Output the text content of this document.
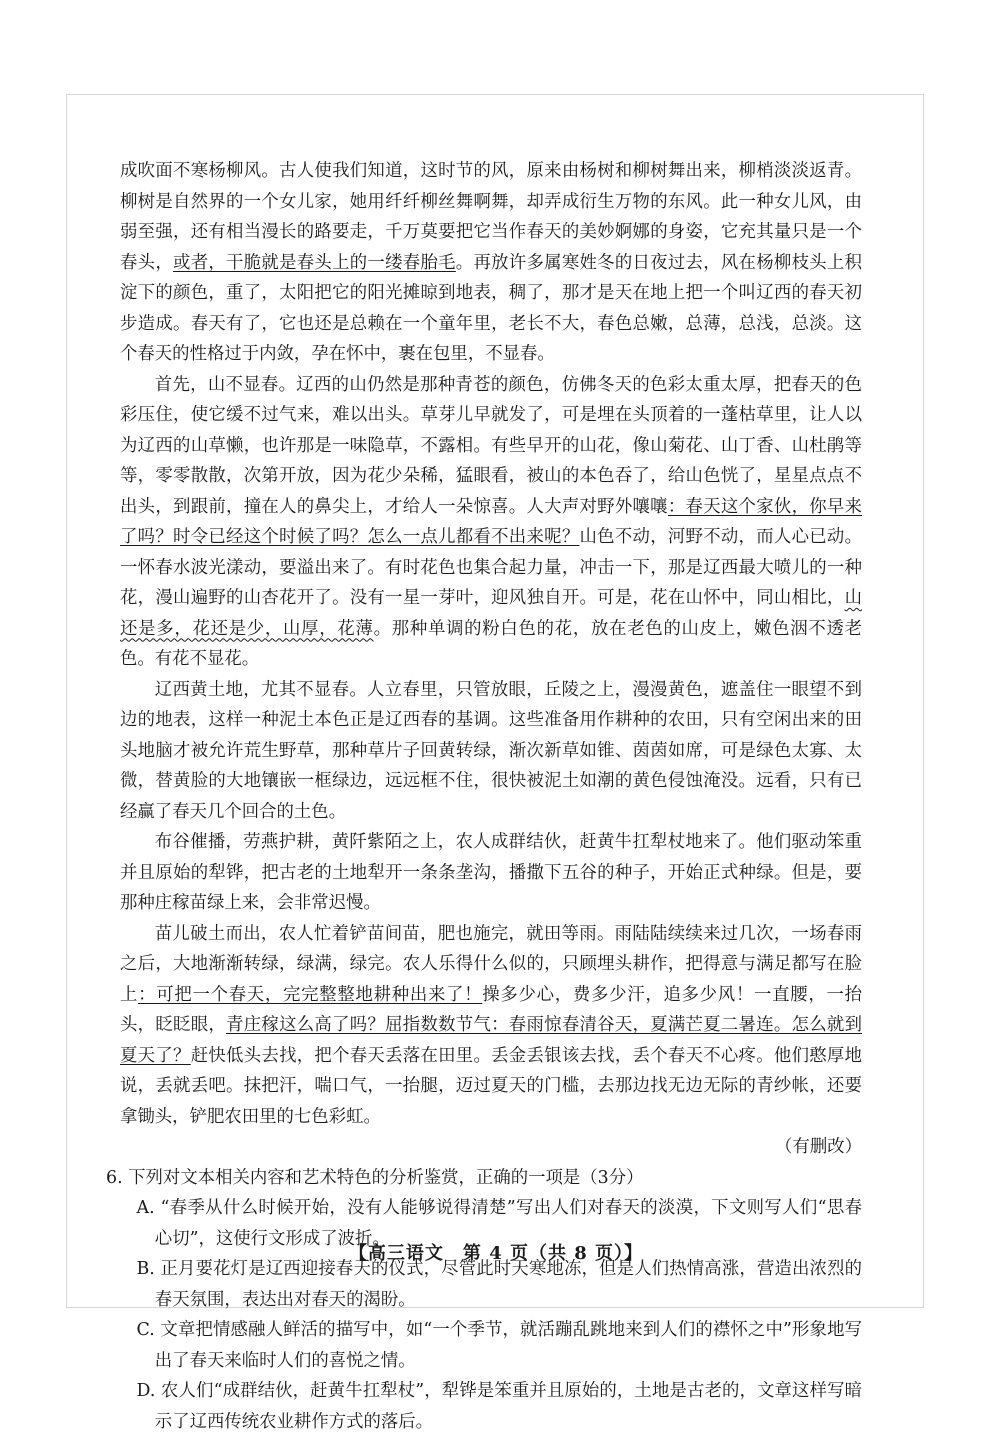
成吹面不寒杨柳风。古人使我们知道，这时节的风，原来由杨树和柳树舞出来，柳梢淡淡返青。柳树是自然界的一个女儿家，她用纤纤柳丝舞啊舞，却弄成衍生万物的东风。此一种女儿风，由弱至强，还有相当漫长的路要走，千万莫要把它当作春天的美妙婀娜的身姿，它充其量只是一个春头，或者，干脆就是春头上的一缕春胎毛。再放许多属寒姓冬的日夜过去，风在杨柳枝头上积淀下的颜色，重了，太阳把它的阳光摊晾到地表，稠了，那才是天在地上把一个叫辽西的春天初步造成。春天有了，它也还是总赖在一个童年里，老长不大，春色总嫩，总薄，总浅，总淡。这个春天的性格过于内敛，孕在怀中，裹在包里，不显春。

首先，山不显春。辽西的山仍然是那种青苍的颜色，仿佛冬天的色彩太重太厚，把春天的色彩压住，使它缓不过气来，难以出头。草芽儿早就发了，可是埋在头顶着的一蓬枯草里，让人以为辽西的山草懒，也许那是一味隐草，不露相。有些早开的山花，像山菊花、山丁香、山杜鹃等等，零零散散，次第开放，因为花少朵稀，猛眼看，被山的本色吞了，给山色恍了，星星点点不出头，到跟前，撞在人的鼻尖上，才给人一朵惊喜。人大声对野外嚷嚷：春天这个家伙，你早来了吗？时令已经这个时候了吗？怎么一点儿都看不出来呢？山色不动，河野不动，而人心已动。一怀春水波光漾动，要溢出来了。有时花色也集合起力量，冲击一下，那是辽西最大喷儿的一种花，漫山遍野的山杏花开了。没有一星一芽叶，迎风独自开。可是，花在山怀中，同山相比，山还是多，花还是少，山厚，花薄。那种单调的粉白色的花，放在老色的山皮上，嫩色洇不透老色。有花不显花。

辽西黄土地，尤其不显春。人立春里，只管放眼，丘陵之上，漫漫黄色，遮盖住一眼望不到边的地表，这样一种泥土本色正是辽西春的基调。这些准备用作耕种的农田，只有空闲出来的田头地脑才被允许荒生野草，那种草片子回黄转绿，渐次新草如锥、茵茵如席，可是绿色太寡、太微，替黄脸的大地镶嵌一框绿边，远远框不住，很快被泥土如潮的黄色侵蚀淹没。远看，只有已经赢了春天几个回合的土色。

布谷催播，劳燕护耕，黄阡紫陌之上，农人成群结伙，赶黄牛扛犁杖地来了。他们驱动笨重并且原始的犁铧，把古老的土地犁开一条条垄沟，播撒下五谷的种子，开始正式种绿。但是，要那种庄稼苗绿上来，会非常迟慢。

苗儿破土而出，农人忙着铲苗间苗，肥也施完，就田等雨。雨陆陆续续来过几次，一场春雨之后，大地渐渐转绿，绿满，绿完。农人乐得什么似的，只顾埋头耕作，把得意与满足都写在脸上：可把一个春天，完完整整地耕种出来了！操多少心，费多少汗，追多少风！一直腰，一抬头，眨眨眼，青庄稼这么高了吗？屈指数数节气：春雨惊春清谷天，夏满芒夏二暑连。怎么就到夏天了？赶快低头去找，把个春天丢落在田里。丢金丢银该去找，丢个春天不心疼。他们憨厚地说，丢就丢吧。抹把汗，喘口气，一抬腿，迈过夏天的门槛，去那边找无边无际的青纱帐，还要拿锄头，铲肥农田里的七色彩虹。

（有删改）

6. 下列对文本相关内容和艺术特色的分析鉴赏，正确的一项是（3分）

A. “春季从什么时候开始，没有人能够说得清楚”写出人们对春天的淡漠，下文则写人们“思春心切”，这使行文形成了波折。

B. 正月要花灯是辽西迎接春天的仪式，尽管此时天寒地冻，但是人们热情高涨，营造出浓烈的春天氛围，表达出对春天的渴盼。

C. 文章把情感融人鲜活的描写中，如“一个季节，就活蹦乱跳地来到人们的襟怀之中”形象地写出了春天来临时人们的喜悦之情。

D. 农人们“成群结伙，赶黄牛扛犁杖”，犁铧是笨重并且原始的，土地是古老的，文章这样写暗示了辽西传统农业耕作方式的落后。

【高三语文　第 4 页（共 8 页）】
